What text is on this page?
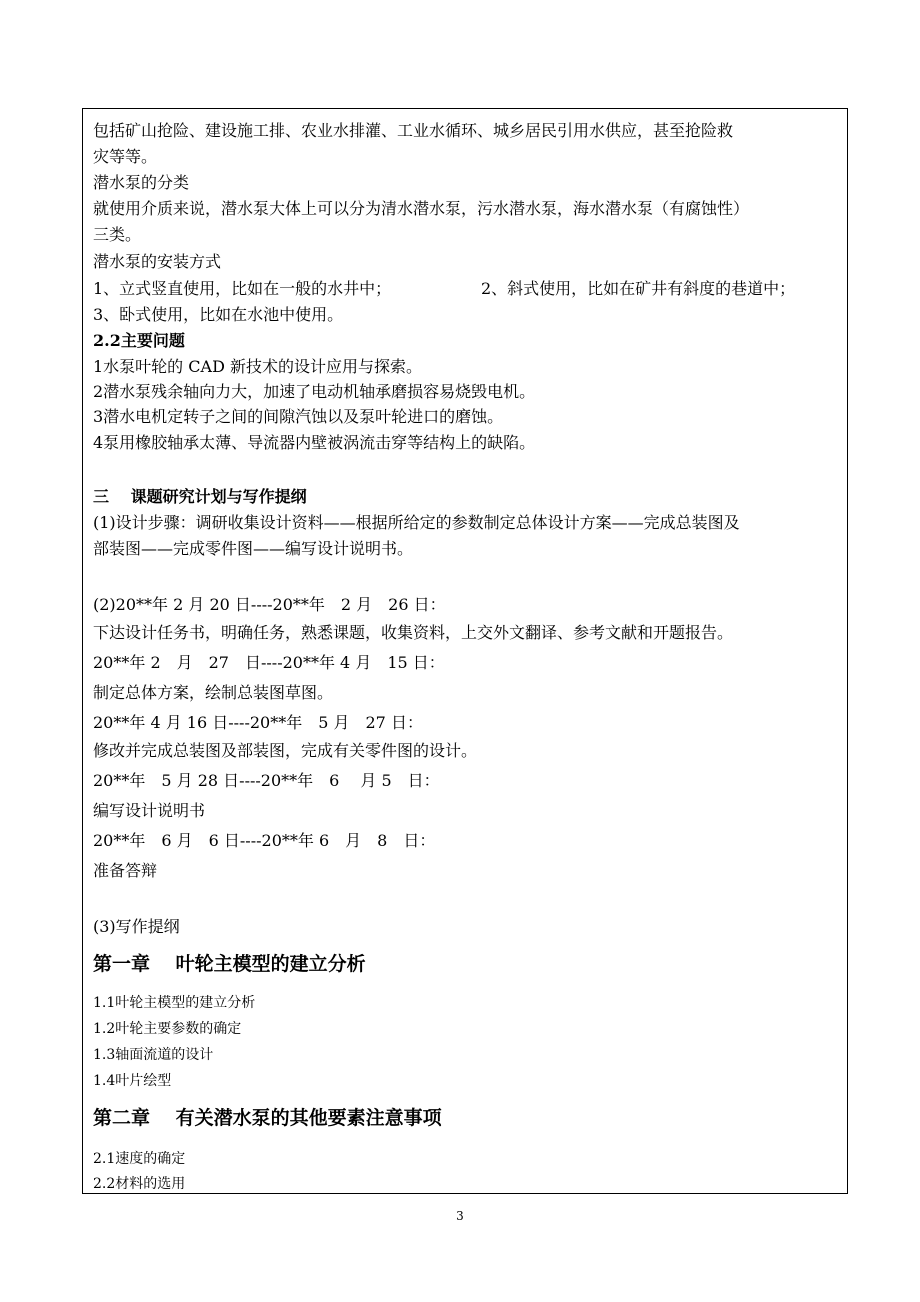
包括矿山抢险、建设施工排、农业水排灌、工业水循环、城乡居民引用水供应，甚至抢险救
灾等等。
潜水泵的分类
就使用介质来说，潜水泵大体上可以分为清水潜水泵，污水潜水泵，海水潜水泵（有腐蚀性）
三类。
潜水泵的安装方式
1、立式竖直使用，比如在一般的水井中；	2、斜式使用，比如在矿井有斜度的巷道中；
3、卧式使用，比如在水池中使用。
2.2主要问题
1水泵叶轮的 CAD 新技术的设计应用与探索。
2潜水泵残余轴向力大，加速了电动机轴承磨损容易烧毁电机。
3潜水电机定转子之间的间隙汽蚀以及泵叶轮进口的磨蚀。
4泵用橡胶轴承太薄、导流器内壁被涡流击穿等结构上的缺陷。
三　 课题研究计划与写作提纲
(1)设计步骤：调研收集设计资料——根据所给定的参数制定总体设计方案——完成总装图及
部装图——完成零件图——编写设计说明书。
(2)20**年 2 月 20 日----20**年　2 月　26 日：
下达设计任务书，明确任务，熟悉课题，收集资料，上交外文翻译、参考文献和开题报告。
20**年 2　月　27　日----20**年 4 月　15 日：
制定总体方案，绘制总装图草图。
20**年 4 月 16 日----20**年　5 月　27 日：
修改并完成总装图及部装图，完成有关零件图的设计。
20**年　5 月 28 日----20**年　6　 月 5　日：
编写设计说明书
20**年　6 月　6 日----20**年 6　月　8　日：
准备答辩
(3)写作提纲
第一章　 叶轮主模型的建立分析
1.1叶轮主模型的建立分析
1.2叶轮主要参数的确定
1.3轴面流道的设计
1.4叶片绘型
第二章　 有关潜水泵的其他要素注意事项
2.1速度的确定
2.2材料的选用
3
